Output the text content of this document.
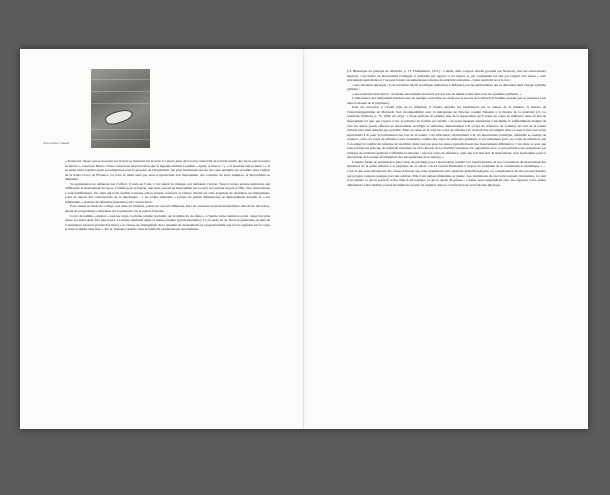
Jean-Louis Chazal

« Toutes les choses qui se trouvent sur la terre se meuvent sur la terre. La pierre jetée de la barre redescend au fond de quelle que façon que le navire se meuve », Giordano Bruno. Nous conservons aussi les mots que la légende attribue à Galilée « eppur, si muove ! », « et pourtant elle se meut ! ». Il se serait ainsi exprimé après son abjuration sous la pression de l’Inquisition. On peut maintenant encore lire cette épitaphe sur sa tombe dans l’église de la Santa Croce de Florence. La terre se meut sans que nous n’éprouvions son mouvement. Au contraire de notre intuition, le mouvement se maintient.

Sa permanence ne demande pas d’effort. Il reste en l’état. C’est plutôt le changer, qui demande l’action. Nous n’avons aucune indication qui différencie le mouvement du repos. Comme pour le bateau, que nous soyons en mouvement sur la terre est souvent de peu d’effet. Nos observations y sont indifférentes. Un objet qui n’est soumis à aucune action externe conserve sa vitesse. Inertie est cette propriété de résistance au changement, point de départ des constructions de la mécanique : « les points matériels » (objets de petites dimensions) en déplacements inertiels et « les référentiels » (solides de référence) inertiels pour l’observation.

Pour autant un mode de collage, une suite de citations, points de vue très différents, hors de contextes souvent irréductibles. Des mots, des échos, autant de propositions construites sur la puissance de la notion d’inertie.

La loi de Galilée « énonce « tous les corps, la plume comme le plomb, ont la même loi de chute ». L’inertie varie comme le poids : deux fois plus inerte est aussi deux fois plus lourd. La masse inertielle égale la masse pesante (gravitationnelle). La seconde loi de Newton généralise au-delà de l’expérience terrestre (traduction libre) « la vitesse de changement de la quantité de mouvement est proportionnelle aux forces agissant sur le corps et dans la même direction ». M.-A. Tonnelat résume ainsi la relativité en mécanique newtonienne

(cf. Historique du principe de relativité, p. 73, Flammarion, 1971) : « Ainsi, dans l’espace absolu [postulé par Newton], tous les observateurs inertiels, c’est-à-dire en mouvement rectiligne et uniforme par rapport à cet espace et, par conséquent les uns par rapport aux autres « sont strictement équivalents et l’on peut fonder un authentique principe de relativité restreinte... Cette relativité est à la fois :

« une relativité physique : le mouvement relatif (rectiligne uniforme) n’influence pas les phénomènes qui se déroulent dans chaque système galiléen ;

« une relativité descriptive : un même mouvement est décrit par des lois de même forme dans tous les systèmes galiléens. »

L’importance des référentiels inertiels sera en quelque sorte mise en avant par le succès de la théorie (l’homme pensait peu sa présence à lui dans le monde de la physique).

Pour les retrouver à l’avant plan de la réflexion, il faudra attendre les expériences sur la vitesse de la lumière, la théorie de l’électromagnétisme de Maxwell. Son incompatibilité avec la mécanique de Newton conduit Einstein à la théorie de la relativité (cf. La relativité, Einstein, p. 73, 1956, éd. pbp) : « Nous partions en premier lieu de la supposition qu’il existe un corps de référence dans un état de mouvement tel que, par rapport à lui, le principe de Galilée est valable : un point matériel abandonné à lui-même et suffisamment éloigné de tous les autres points effectue un mouvement rectiligne et uniforme. Relativement à K (corps de référence de Galilée), les lois de la nature doivent être aussi simples que possible. Mais en outre de K tous les corps de référence K' doivent être privilégiés dans ce sens et être tout à fait équivalents à K pour la formulation des lois de la nature, s’ils effectuent, relativement à K, un mouvement rectiligne, uniforme et exempt de rotation ; tous ces corps de référence sont considérés comme des corps de référence galiléens. C’est seulement pour ces corps de référence que l’on admet la validité du principe de relativité, mais non pas pour les autres (qui effectuent des mouvements différents). C’est dans ce sens que nous parlons du principe de relativité restreinte ou de la théorie de la relativité restreinte. En opposition avec ce qui précède nous entendrons par principe de relativité générale l’affirmation suivante : tous les corps de référence, quel que soit leur état de mouvement, sont équivalents pour la description de la nature (formulation des lois générales de la nature). »

L’inertie forme de permanence dans l’état, de privilège pour l’observation conduit à la transformation de nos conceptions du mouvement des situations de la petite enfance à la physique de ce siècle. Citons Gaston Bachelard à propos du problème de la connaissance scientifique « ... c’est là que nous décelerons des causes d’inertie que nous appellerons des obstacles épistémologiques. La connaissance du réel est une lumière qui projette toujours quelque part des ombres. Elle n’est jamais immédiate et pleine. Les révélations du réel sont toujours récurrentes. Le réel n’est jamais ce qu’on pourrait croire mais il est toujours ce qu’on aurait dû penser... « Ainsi, nous apprendrons avec nos rapports à nos quatre dimensions à être mobile et doué de mémoire au prix de ruptures dans la construction de notre monde physique.
